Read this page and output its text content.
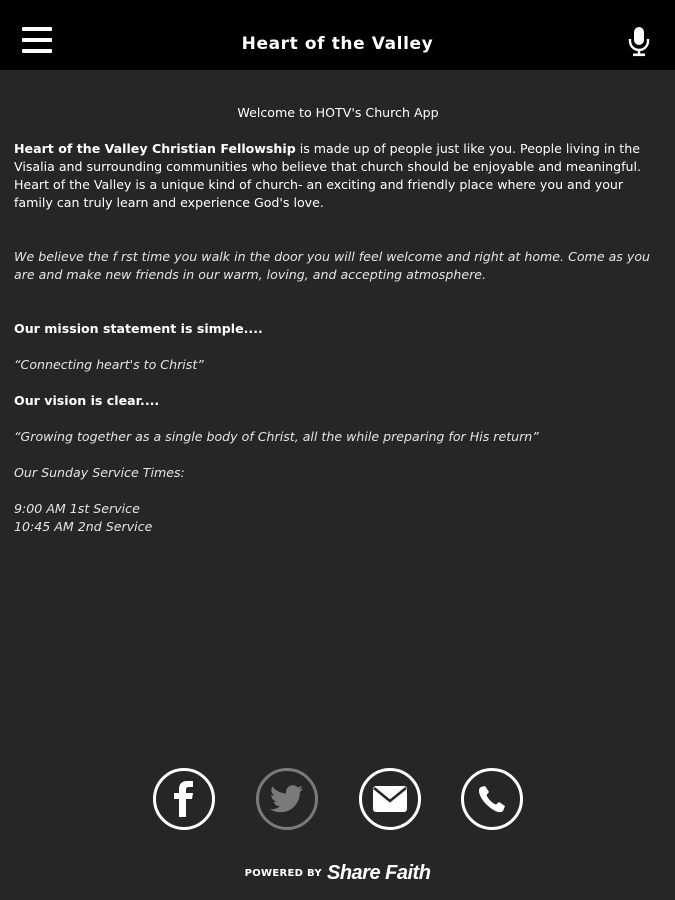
Heart of the Valley
Welcome to HOTV's Church App

Heart of the Valley Christian Fellowship is made up of people just like you. People living in the Visalia and surrounding communities who believe that church should be enjoyable and meaningful. Heart of the Valley is a unique kind of church- an exciting and friendly place where you and your family can truly learn and experience God's love.

We believe the f rst time you walk in the door you will feel welcome and right at home. Come as you are and make new friends in our warm, loving, and accepting atmosphere.

Our mission statement is simple....

“Connecting heart's to Christ”

Our vision is clear....

“Growing together as a single body of Christ, all the while preparing for His return”

Our Sunday Service Times:

9:00 AM 1st Service

10:45 AM 2nd Service

POWERED BY Share Faith
